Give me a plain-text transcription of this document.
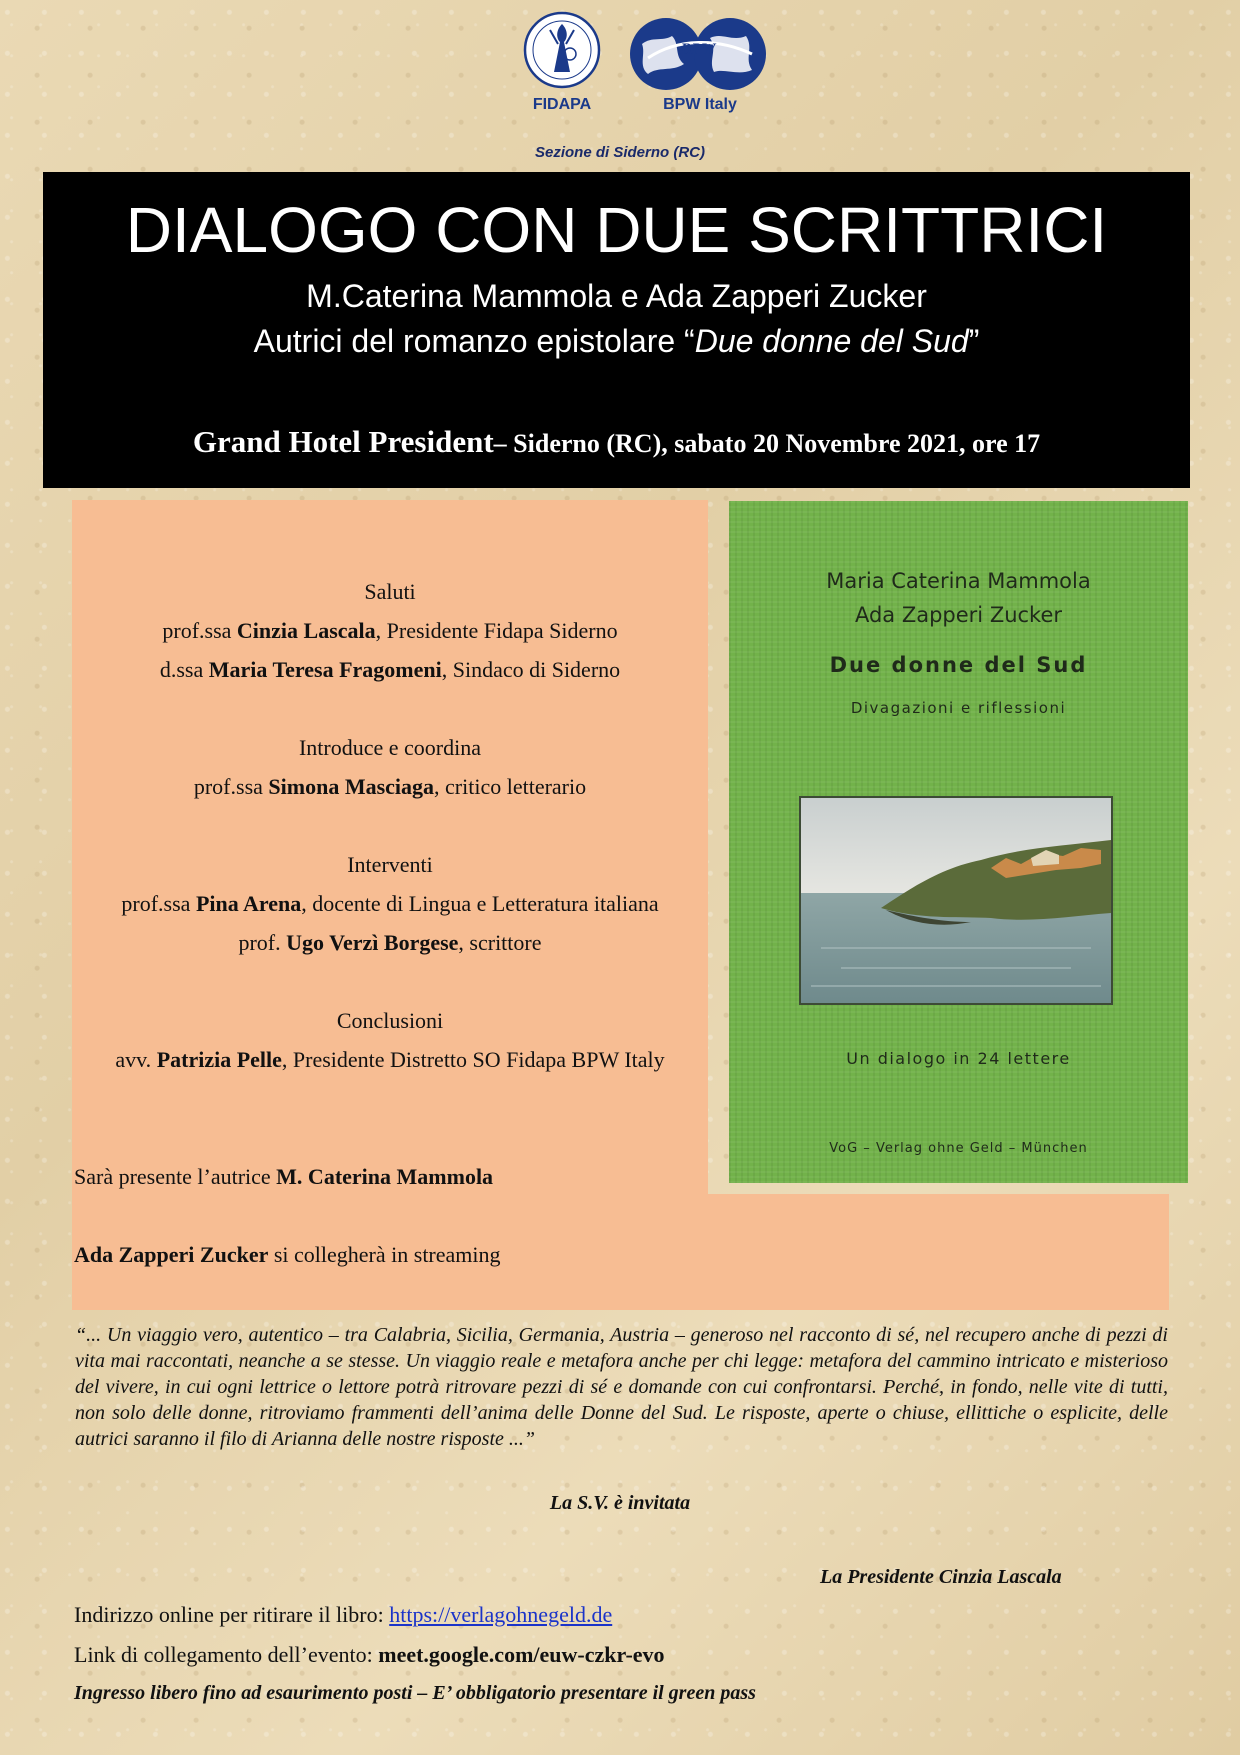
BPW
FIDAPA	BPW Italy
Sezione di Siderno (RC)
DIALOGO CON DUE SCRITTRICI
M.Caterina Mammola e Ada Zapperi Zucker
Autrici del romanzo epistolare “Due donne del Sud”
Grand Hotel President– Siderno (RC), sabato 20 Novembre 2021, ore 17

Saluti

prof.ssa Cinzia Lascala, Presidente Fidapa Siderno

d.ssa Maria Teresa Fragomeni, Sindaco di Siderno

Introduce e coordina

prof.ssa Simona Masciaga, critico letterario

Interventi

prof.ssa Pina Arena, docente di Lingua e Letteratura italiana

prof. Ugo Verzì Borgese, scrittore

Conclusioni

avv. Patrizia Pelle, Presidente Distretto SO Fidapa BPW Italy

Sarà presente l’autrice M. Caterina Mammola
Ada Zapperi Zucker si collegherà in streaming
Maria Caterina Mammola
Ada Zapperi Zucker
Due donne del Sud
Divagazioni e riflessioni
Un dialogo in 24 lettere
VoG – Verlag ohne Geld – München
“... Un viaggio vero, autentico – tra Calabria, Sicilia, Germania, Austria – generoso nel racconto di sé, nel recupero anche di pezzi di vita mai raccontati, neanche a se stesse. Un viaggio reale e metafora anche per chi legge: metafora del cammino intricato e misterioso del vivere, in cui ogni lettrice o lettore potrà ritrovare pezzi di sé e domande con cui confrontarsi. Perché, in fondo, nelle vite di tutti, non solo delle donne, ritroviamo frammenti dell’anima delle Donne del Sud. Le risposte, aperte o chiuse, ellittiche o esplicite, delle autrici saranno il filo di Arianna delle nostre risposte ...”
La S.V. è invitata
La Presidente Cinzia Lascala
Indirizzo online per ritirare il libro: https://verlagohnegeld.de
Link di collegamento dell’evento: meet.google.com/euw-czkr-evo
Ingresso libero fino ad esaurimento posti – E’ obbligatorio presentare il green pass
